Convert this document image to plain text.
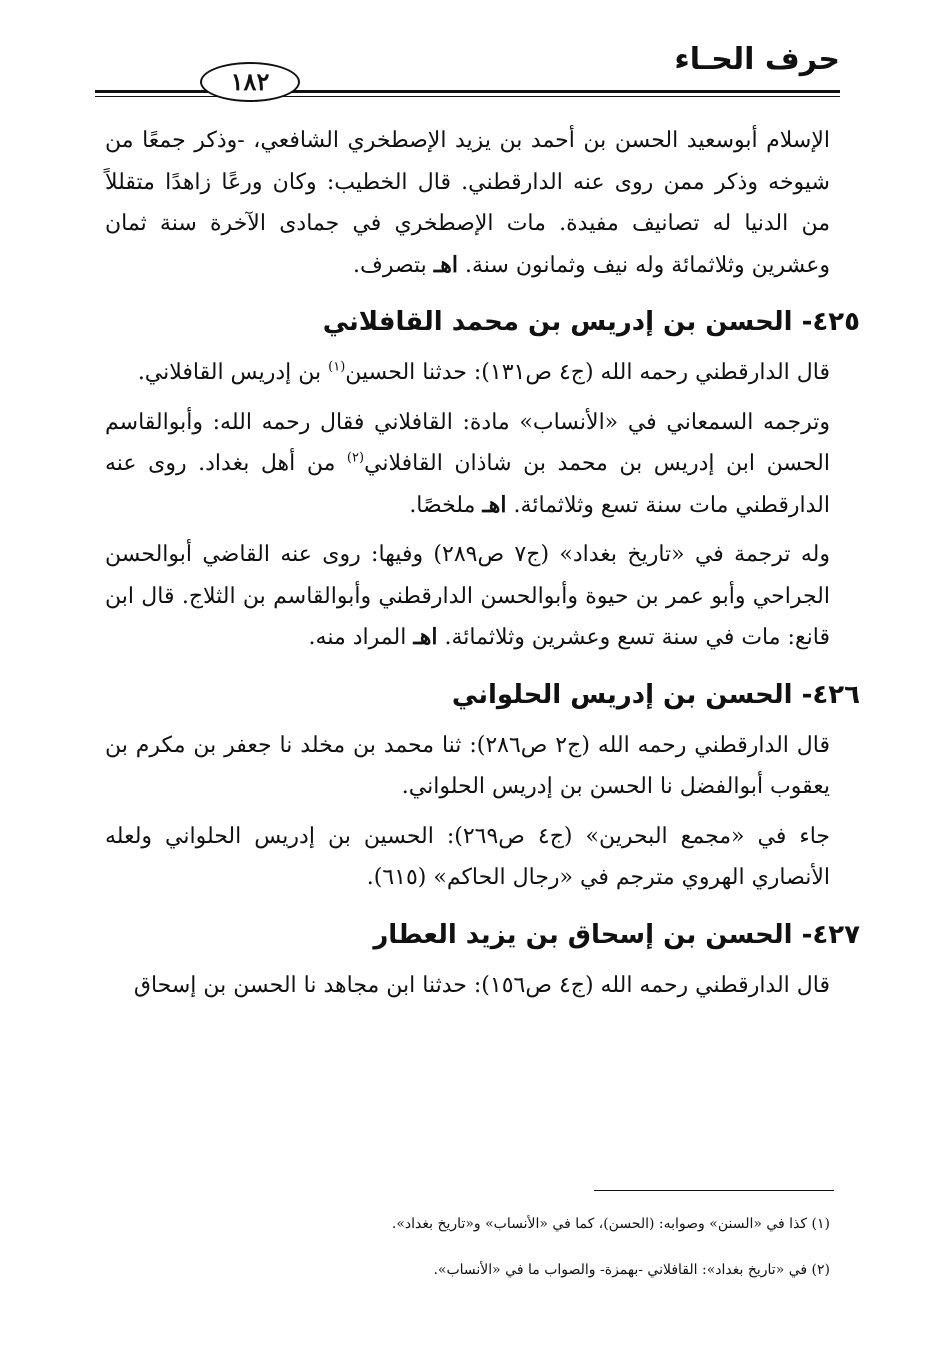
حرف الحـاء
١٨٢

الإسلام أبوسعيد الحسن بن أحمد بن يزيد الإصطخري الشافعي، -وذكر جمعًا من شيوخه وذكر ممن روى عنه الدارقطني. قال الخطيب: وكان ورعًا زاهدًا متقللاً من الدنيا له تصانيف مفيدة. مات الإصطخري في جمادى الآخرة سنة ثمان وعشرين وثلاثمائة وله نيف وثمانون سنة. اهـ بتصرف.

٤٢٥- الحسن بن إدريس بن محمد القافلاني

قال الدارقطني رحمه الله (ج٤ ص١٣١): حدثنا الحسين$^{(١)}$ بن إدريس القافلاني.

وترجمه السمعاني في «الأنساب» مادة: القافلاني فقال رحمه الله: وأبوالقاسم الحسن ابن إدريس بن محمد بن شاذان القافلاني$^{(٢)}$ من أهل بغداد. روى عنه الدارقطني مات سنة تسع وثلاثمائة. اهـ ملخصًا.

وله ترجمة في «تاريخ بغداد» (ج٧ ص٢٨٩) وفيها: روى عنه القاضي أبوالحسن الجراحي وأبو عمر بن حيوة وأبوالحسن الدارقطني وأبوالقاسم بن الثلاج. قال ابن قانع: مات في سنة تسع وعشرين وثلاثمائة. اهـ المراد منه.

٤٢٦- الحسن بن إدريس الحلواني

قال الدارقطني رحمه الله (ج٢ ص٢٨٦): ثنا محمد بن مخلد نا جعفر بن مكرم بن يعقوب أبوالفضل نا الحسن بن إدريس الحلواني.

جاء في «مجمع البحرين» (ج٤ ص٢٦٩): الحسين بن إدريس الحلواني ولعله الأنصاري الهروي مترجم في «رجال الحاكم» (٦١٥).

٤٢٧- الحسن بن إسحاق بن يزيد العطار

قال الدارقطني رحمه الله (ج٤ ص١٥٦): حدثنا ابن مجاهد نا الحسن بن إسحاق

(١) كذا في «السنن» وصوابه: (الحسن)، كما في «الأنساب» و«تاريخ بغداد».

(٢) في «تاريخ بغداد»: القافلاني -بهمزة- والصواب ما في «الأنساب».
